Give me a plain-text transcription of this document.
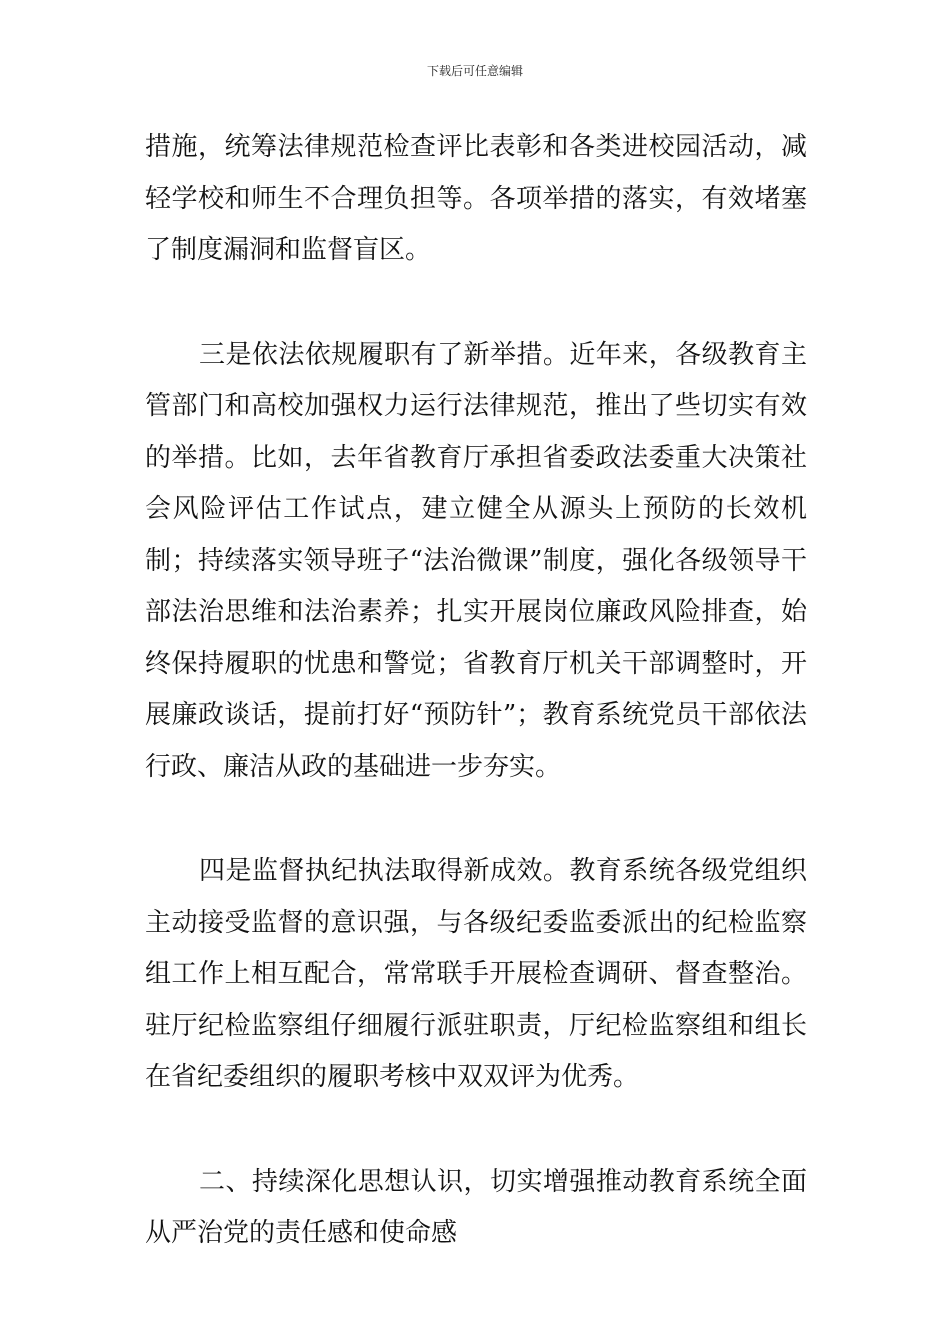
下载后可任意编辑

措施，统筹法律规范检查评比表彰和各类进校园活动，减轻学校和师生不合理负担等。各项举措的落实，有效堵塞了制度漏洞和监督盲区。

三是依法依规履职有了新举措。近年来，各级教育主管部门和高校加强权力运行法律规范，推出了些切实有效的举措。比如，去年省教育厅承担省委政法委重大决策社会风险评估工作试点，建立健全从源头上预防的长效机制；持续落实领导班子“法治微课”制度，强化各级领导干部法治思维和法治素养；扎实开展岗位廉政风险排查，始终保持履职的忧患和警觉；省教育厅机关干部调整时，开展廉政谈话，提前打好“预防针”；教育系统党员干部依法行政、廉洁从政的基础进一步夯实。

四是监督执纪执法取得新成效。教育系统各级党组织主动接受监督的意识强，与各级纪委监委派出的纪检监察组工作上相互配合，常常联手开展检查调研、督查整治。驻厅纪检监察组仔细履行派驻职责，厅纪检监察组和组长在省纪委组织的履职考核中双双评为优秀。

二、持续深化思想认识，切实增强推动教育系统全面从严治党的责任感和使命感
